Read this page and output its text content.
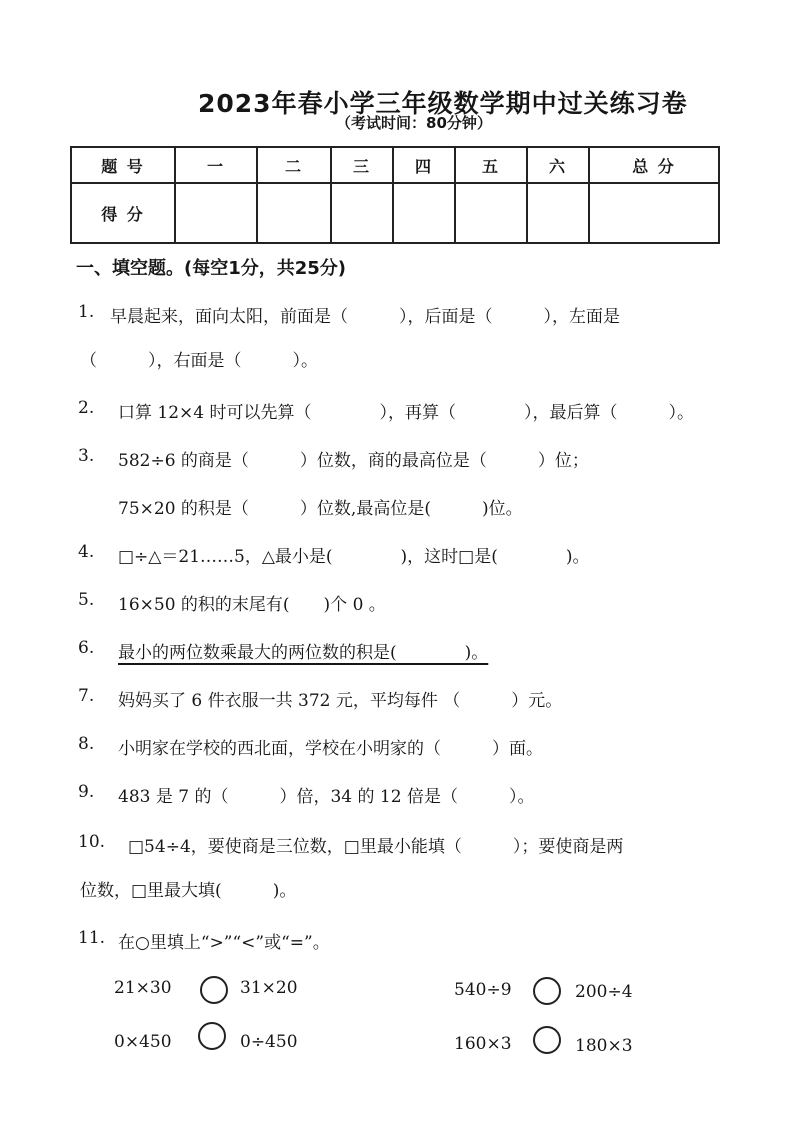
2023年春小学三年级数学期中过关练习卷
（考试时间：80分钟）
题 号	一	二	三	四	五	六	总 分
得 分							
一、填空题。(每空1分，共25分)
1. 早晨起来，面向太阳，前面是（　　　），后面是（　　　），左面是
（　　　），右面是（　　　）。
2. 口算 12×4 时可以先算（　　　　），再算（　　　　），最后算（　　　）。
3. 582÷6 的商是（　　　）位数，商的最高位是（　　　）位；
75×20 的积是（　　　）位数,最高位是(　　　)位。
4. □÷△＝21……5，△最小是(　　　　)，这时□是(　　　　)。
5. 16×50 的积的末尾有(　　)个 0 。
6. 最小的两位数乘最大的两位数的积是(　　　　)。
7. 妈妈买了 6 件衣服一共 372 元，平均每件 （　　　）元。
8. 小明家在学校的西北面，学校在小明家的（　　　）面。
9. 483 是 7 的（　　　）倍，34 的 12 倍是（　　　）。
10. □54÷4，要使商是三位数，□里最小能填（　　　）；要使商是两
位数，□里最大填(　　　)。
11. 在○里填上“>”“<”或“=”。
21×30	31×20	540÷9	200÷4
0×450	0÷450	160×3	180×3
